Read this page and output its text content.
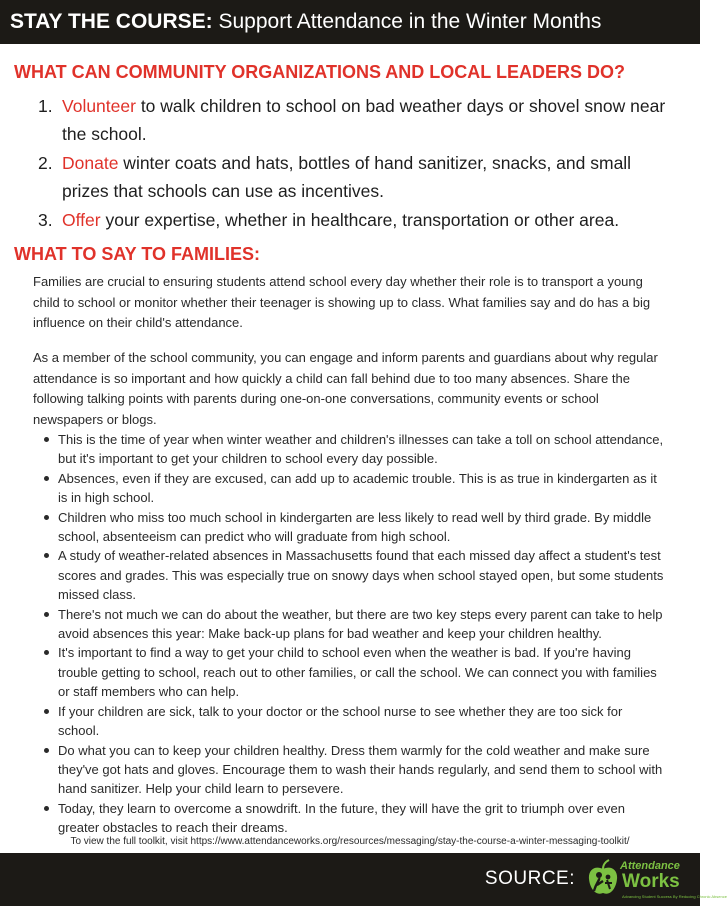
STAY THE COURSE: Support Attendance in the Winter Months
WHAT CAN COMMUNITY ORGANIZATIONS AND LOCAL LEADERS DO?
1. Volunteer to walk children to school on bad weather days or shovel snow near the school.
2. Donate winter coats and hats, bottles of hand sanitizer, snacks, and small prizes that schools can use as incentives.
3. Offer your expertise, whether in healthcare, transportation or other area.
WHAT TO SAY TO FAMILIES:

Families are crucial to ensuring students attend school every day whether their role is to transport a young child to school or monitor whether their teenager is showing up to class. What families say and do has a big influence on their child's attendance.

As a member of the school community, you can engage and inform parents and guardians about why regular attendance is so important and how quickly a child can fall behind due to too many absences. Share the following talking points with parents during one-on-one conversations, community events or school newspapers or blogs.

This is the time of year when winter weather and children's illnesses can take a toll on school attendance, but it's important to get your children to school every day possible.
Absences, even if they are excused, can add up to academic trouble. This is as true in kindergarten as it is in high school.
Children who miss too much school in kindergarten are less likely to read well by third grade. By middle school, absenteeism can predict who will graduate from high school.
A study of weather-related absences in Massachusetts found that each missed day affect a student's test scores and grades. This was especially true on snowy days when school stayed open, but some students missed class.
There's not much we can do about the weather, but there are two key steps every parent can take to help avoid absences this year: Make back-up plans for bad weather and keep your children healthy.
It's important to find a way to get your child to school even when the weather is bad. If you're having trouble getting to school, reach out to other families, or call the school. We can connect you with families or staff members who can help.
If your children are sick, talk to your doctor or the school nurse to see whether they are too sick for school.
Do what you can to keep your children healthy. Dress them warmly for the cold weather and make sure they've got hats and gloves. Encourage them to wash their hands regularly, and send them to school with hand sanitizer. Help your child learn to persevere.
Today, they learn to overcome a snowdrift. In the future, they will have the grit to triumph over even greater obstacles to reach their dreams.
To view the full toolkit, visit https://www.attendanceworks.org/resources/messaging/stay-the-course-a-winter-messaging-toolkit/
SOURCE:
Attendance
Works
Advancing Student Success By Reducing Chronic Absence
